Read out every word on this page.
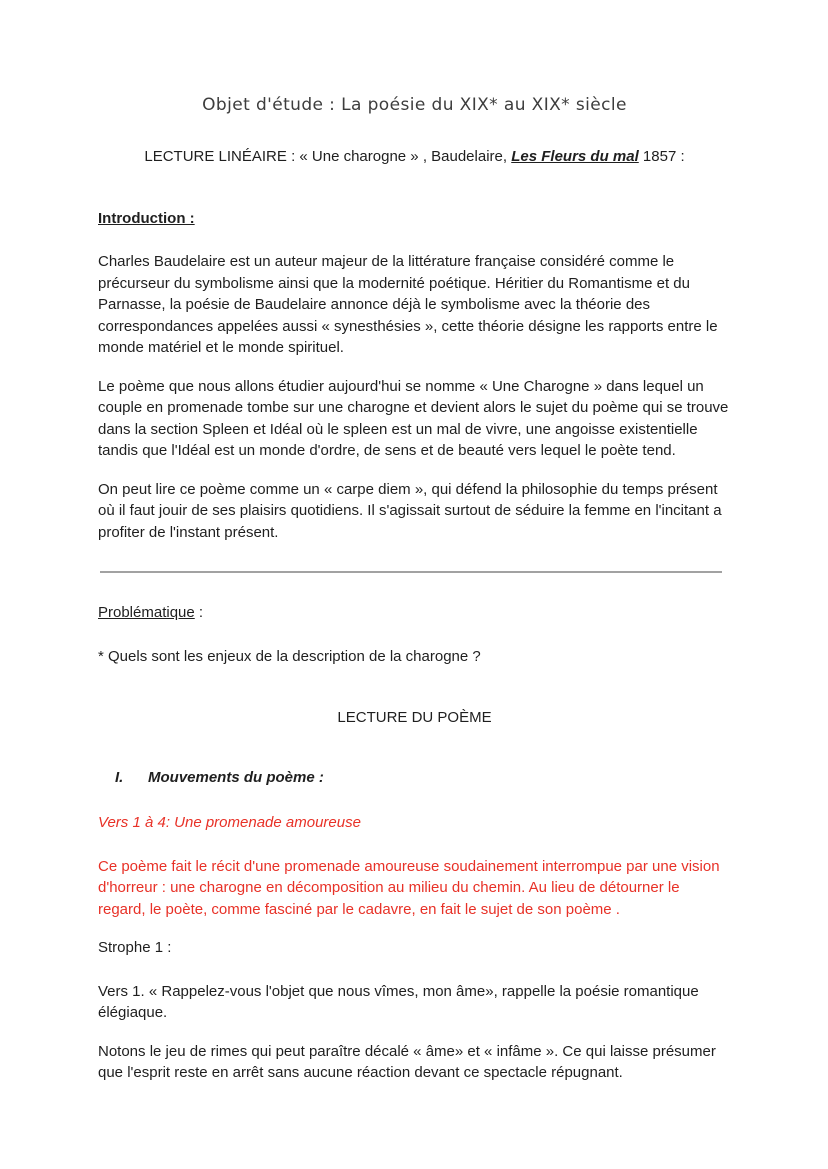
Objet d'étude : La poésie du XIX* au XIX* siècle

LECTURE LINÉAIRE : « Une charogne » , Baudelaire, Les Fleurs du mal 1857 :

Introduction :

Charles Baudelaire est un auteur majeur de la littérature française considéré comme le précurseur du symbolisme ainsi que la modernité poétique. Héritier du Romantisme et du Parnasse, la poésie de Baudelaire annonce déjà le symbolisme avec la théorie des correspondances appelées aussi « synesthésies », cette théorie désigne les rapports entre le monde matériel et le monde spirituel.

Le poème que nous allons étudier aujourd'hui se nomme « Une Charogne » dans lequel un couple en promenade tombe sur une charogne et devient alors le sujet du poème qui se trouve dans la section Spleen et Idéal où le spleen est un mal de vivre, une angoisse existentielle tandis que l'Idéal est un monde d'ordre, de sens et de beauté vers lequel le poète tend.

On peut lire ce poème comme un « carpe diem », qui défend la philosophie du temps présent où il faut jouir de ses plaisirs quotidiens. Il s'agissait surtout de séduire la femme en l'incitant a profiter de l'instant présent.

Problématique :

* Quels sont les enjeux de la description de la charogne ?

LECTURE DU POÈME

I. Mouvements du poème :

Vers 1 à 4: Une promenade amoureuse

Ce poème fait le récit d'une promenade amoureuse soudainement interrompue par une vision d'horreur : une charogne en décomposition au milieu du chemin. Au lieu de détourner le regard, le poète, comme fasciné par le cadavre, en fait le sujet de son poème .

Strophe 1 :

Vers 1. « Rappelez-vous l'objet que nous vîmes, mon âme», rappelle la poésie romantique élégiaque.

Notons le jeu de rimes qui peut paraître décalé « âme» et « infâme ». Ce qui laisse présumer que l'esprit reste en arrêt sans aucune réaction devant ce spectacle répugnant.
